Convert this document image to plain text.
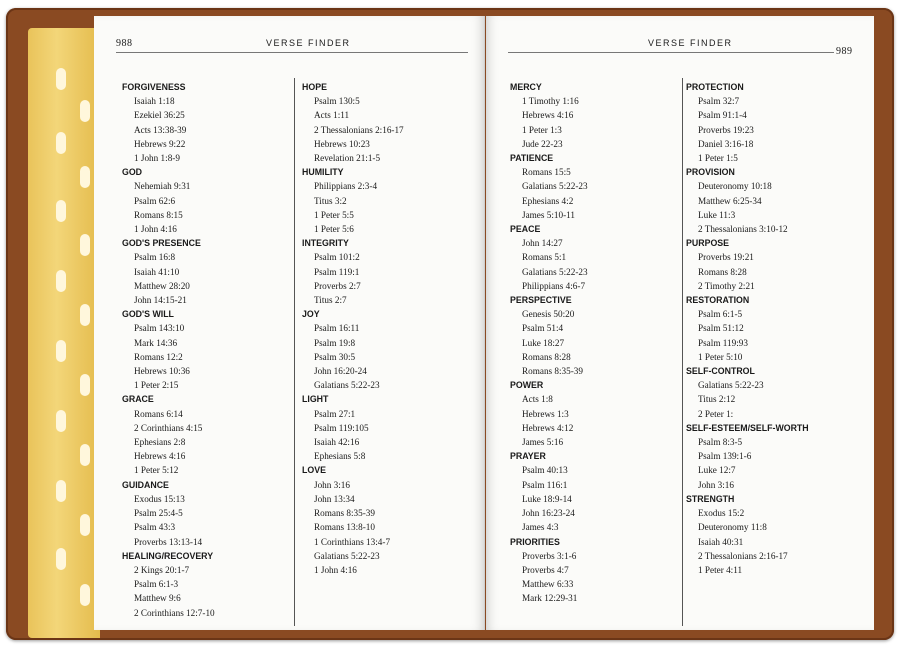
988	VERSE FINDER
FORGIVENESS
Isaiah 1:18
Ezekiel 36:25
Acts 13:38-39
Hebrews 9:22
1 John 1:8-9
GOD
Nehemiah 9:31
Psalm 62:6
Romans 8:15
1 John 4:16
GOD'S PRESENCE
Psalm 16:8
Isaiah 41:10
Matthew 28:20
John 14:15-21
GOD'S WILL
Psalm 143:10
Mark 14:36
Romans 12:2
Hebrews 10:36
1 Peter 2:15
GRACE
Romans 6:14
2 Corinthians 4:15
Ephesians 2:8
Hebrews 4:16
1 Peter 5:12
GUIDANCE
Exodus 15:13
Psalm 25:4-5
Psalm 43:3
Proverbs 13:13-14
HEALING/RECOVERY
2 Kings 20:1-7
Psalm 6:1-3
Matthew 9:6
2 Corinthians 12:7-10
HOPE
Psalm 130:5
Acts 1:11
2 Thessalonians 2:16-17
Hebrews 10:23
Revelation 21:1-5
HUMILITY
Philippians 2:3-4
Titus 3:2
1 Peter 5:5
1 Peter 5:6
INTEGRITY
Psalm 101:2
Psalm 119:1
Proverbs 2:7
Titus 2:7
JOY
Psalm 16:11
Psalm 19:8
Psalm 30:5
John 16:20-24
Galatians 5:22-23
LIGHT
Psalm 27:1
Psalm 119:105
Isaiah 42:16
Ephesians 5:8
LOVE
John 3:16
John 13:34
Romans 8:35-39
Romans 13:8-10
1 Corinthians 13:4-7
Galatians 5:22-23
1 John 4:16
VERSE FINDER
989
MERCY
1 Timothy 1:16
Hebrews 4:16
1 Peter 1:3
Jude 22-23
PATIENCE
Romans 15:5
Galatians 5:22-23
Ephesians 4:2
James 5:10-11
PEACE
John 14:27
Romans 5:1
Galatians 5:22-23
Philippians 4:6-7
PERSPECTIVE
Genesis 50:20
Psalm 51:4
Luke 18:27
Romans 8:28
Romans 8:35-39
POWER
Acts 1:8
Hebrews 1:3
Hebrews 4:12
James 5:16
PRAYER
Psalm 40:13
Psalm 116:1
Luke 18:9-14
John 16:23-24
James 4:3
PRIORITIES
Proverbs 3:1-6
Proverbs 4:7
Matthew 6:33
Mark 12:29-31
PROTECTION
Psalm 32:7
Psalm 91:1-4
Proverbs 19:23
Daniel 3:16-18
1 Peter 1:5
PROVISION
Deuteronomy 10:18
Matthew 6:25-34
Luke 11:3
2 Thessalonians 3:10-12
PURPOSE
Proverbs 19:21
Romans 8:28
2 Timothy 2:21
RESTORATION
Psalm 6:1-5
Psalm 51:12
Psalm 119:93
1 Peter 5:10
SELF-CONTROL
Galatians 5:22-23
Titus 2:12
2 Peter 1:
SELF-ESTEEM/SELF-WORTH
Psalm 8:3-5
Psalm 139:1-6
Luke 12:7
John 3:16
STRENGTH
Exodus 15:2
Deuteronomy 11:8
Isaiah 40:31
2 Thessalonians 2:16-17
1 Peter 4:11
